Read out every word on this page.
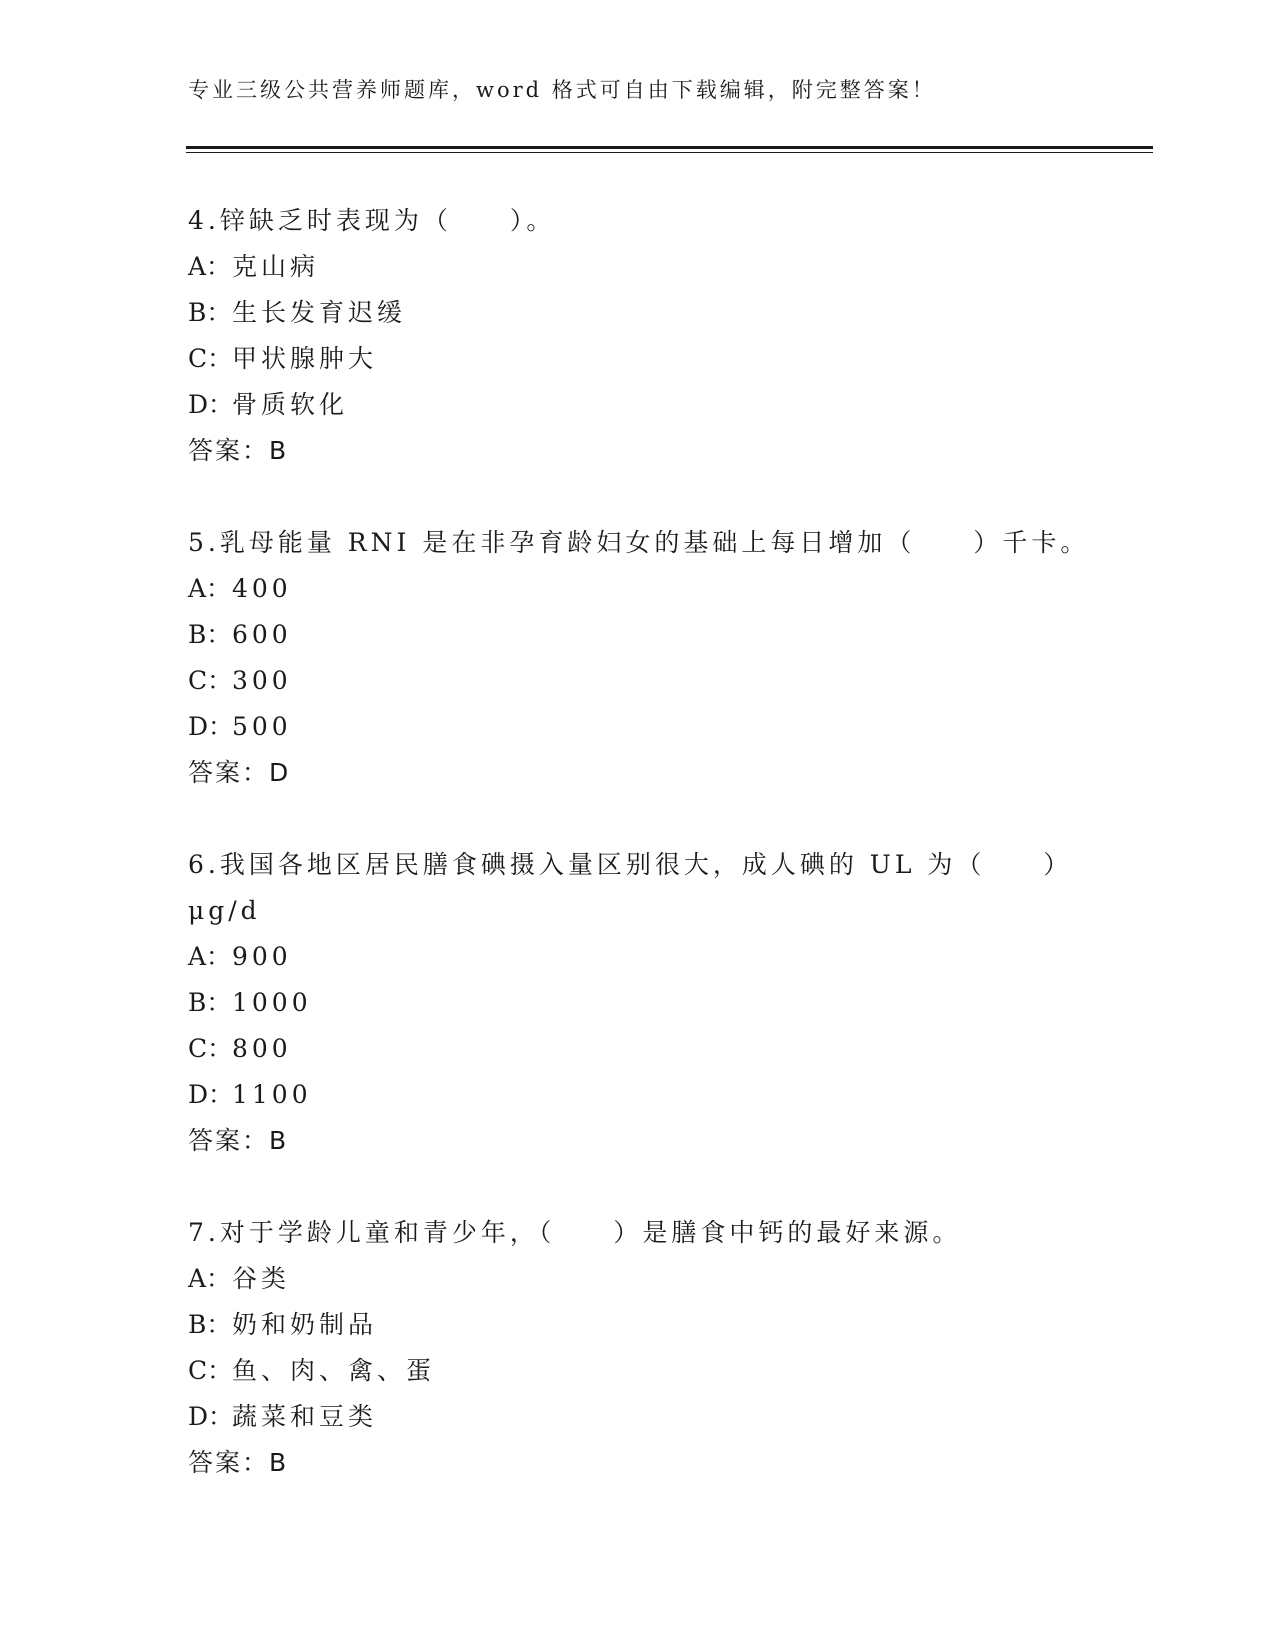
专业三级公共营养师题库，word 格式可自由下载编辑，附完整答案！
4.锌缺乏时表现为（　　）。
A：克山病
B：生长发育迟缓
C：甲状腺肿大
D：骨质软化
答案：B
5.乳母能量 RNI 是在非孕育龄妇女的基础上每日增加（　　）千卡。
A：400
B：600
C：300
D：500
答案：D
6.我国各地区居民膳食碘摄入量区别很大，成人碘的 UL 为（　　）
μg/d
A：900
B：1000
C：800
D：1100
答案：B
7.对于学龄儿童和青少年，（　　）是膳食中钙的最好来源。
A：谷类
B：奶和奶制品
C：鱼、肉、禽、蛋
D：蔬菜和豆类
答案：B
